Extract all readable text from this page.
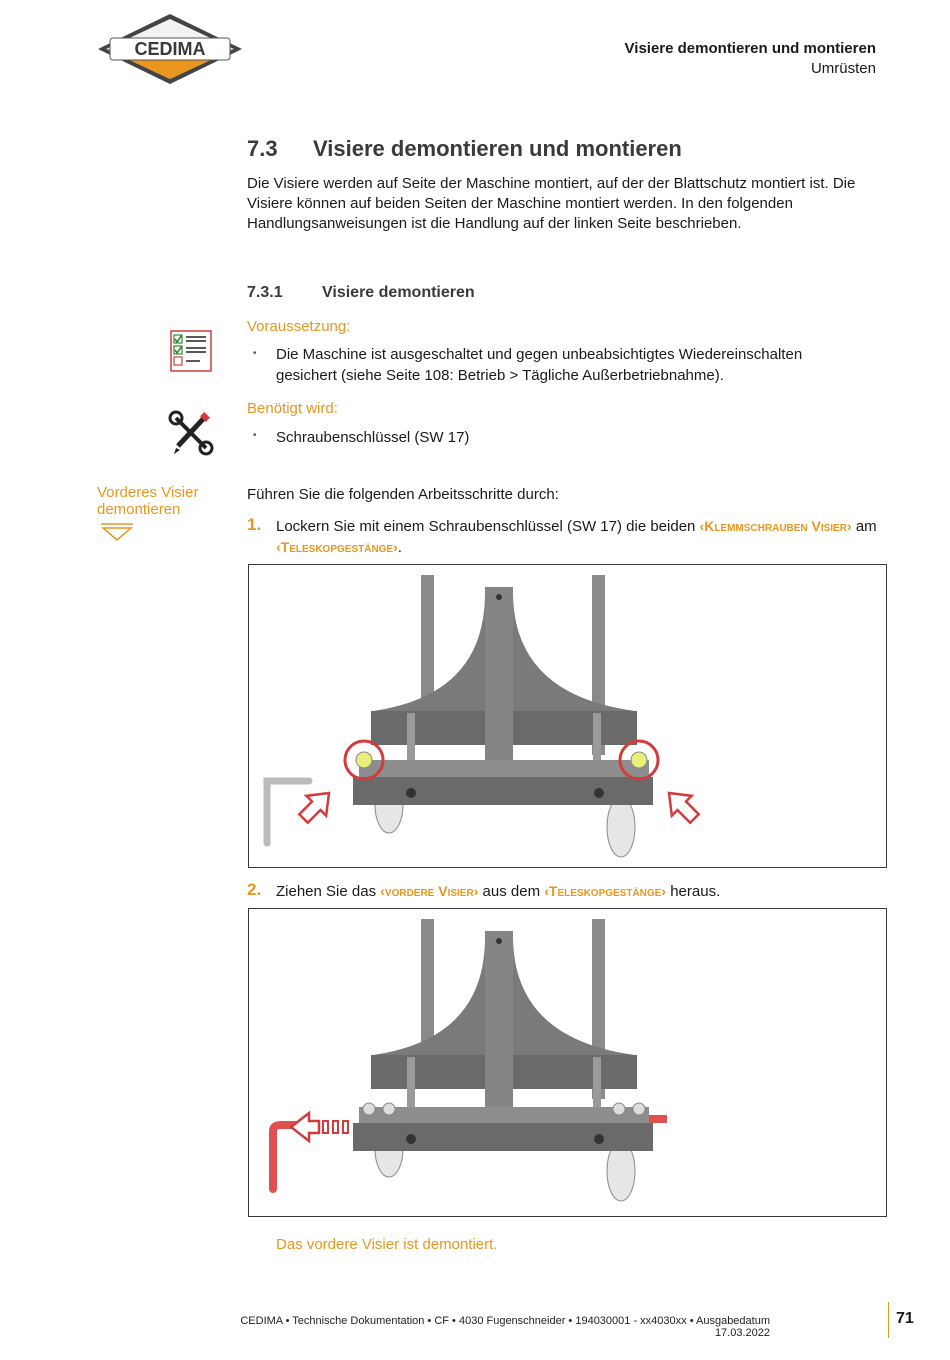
CEDIMA	Visiere demontieren und montieren
Umrüsten
7.3 Visiere demontieren und montieren
Die Visiere werden auf Seite der Maschine montiert, auf der der Blattschutz montiert ist. Die Visiere können auf beiden Seiten der Maschine montiert werden. In den folgenden Handlungsanweisungen ist die Handlung auf der linken Seite beschrieben.
7.3.1 Visiere demontieren
Voraussetzung:
• Die Maschine ist ausgeschaltet und gegen unbeabsichtigtes Wiedereinschalten gesichert (siehe Seite 108: Betrieb > Tägliche Außerbetriebnahme).
Benötigt wird:
• Schraubenschlüssel (SW 17)
Vorderes Visier demontieren
Führen Sie die folgenden Arbeitsschritte durch:
1. Lockern Sie mit einem Schraubenschlüssel (SW 17) die beiden ‹Klemmschrauben Visier› am ‹Teleskopgestänge›.
2. Ziehen Sie das ‹vordere Visier› aus dem ‹Teleskopgestänge› heraus.
Das vordere Visier ist demontiert.
CEDIMA • Technische Dokumentation • CF • 4030 Fugenschneider • 194030001 - xx4030xx • Ausgabedatum 17.03.2022
71
